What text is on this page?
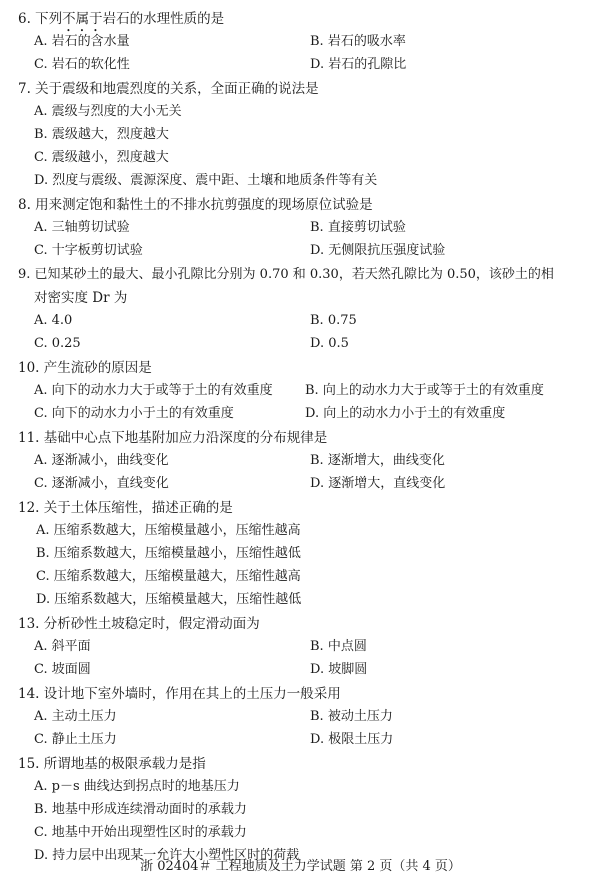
6. 下列不属于岩石的水理性质的是
A. 岩石的含水量	B. 岩石的吸水率
C. 岩石的软化性	D. 岩石的孔隙比
7. 关于震级和地震烈度的关系，全面正确的说法是
A. 震级与烈度的大小无关
B. 震级越大，烈度越大
C. 震级越小，烈度越大
D. 烈度与震级、震源深度、震中距、土壤和地质条件等有关
8. 用来测定饱和黏性土的不排水抗剪强度的现场原位试验是
A. 三轴剪切试验	B. 直接剪切试验
C. 十字板剪切试验	D. 无侧限抗压强度试验
9. 已知某砂土的最大、最小孔隙比分别为 0.70 和 0.30，若天然孔隙比为 0.50，该砂土的相
对密实度 Dr 为
A. 4.0	B. 0.75
C. 0.25	D. 0.5
10. 产生流砂的原因是
A. 向下的动水力大于或等于土的有效重度 B. 向上的动水力大于或等于土的有效重度
C. 向下的动水力小于土的有效重度	D. 向上的动水力小于土的有效重度
11. 基础中心点下地基附加应力沿深度的分布规律是
A. 逐渐减小，曲线变化	B. 逐渐增大，曲线变化
C. 逐渐减小，直线变化	D. 逐渐增大，直线变化
12. 关于土体压缩性，描述正确的是
A. 压缩系数越大，压缩模量越小，压缩性越高
B. 压缩系数越大，压缩模量越小，压缩性越低
C. 压缩系数越大，压缩模量越大，压缩性越高
D. 压缩系数越大，压缩模量越大，压缩性越低
13. 分析砂性土坡稳定时，假定滑动面为
A. 斜平面	B. 中点圆
C. 坡面圆	D. 坡脚圆
14. 设计地下室外墙时，作用在其上的土压力一般采用
A. 主动土压力	B. 被动土压力
C. 静止土压力	D. 极限土压力
15. 所谓地基的极限承载力是指
A. p－s 曲线达到拐点时的地基压力
B. 地基中形成连续滑动面时的承载力
C. 地基中开始出现塑性区时的承载力
D. 持力层中出现某一允许大小塑性区时的荷载
浙 02404＃ 工程地质及土力学试题 第 2 页（共 4 页）
